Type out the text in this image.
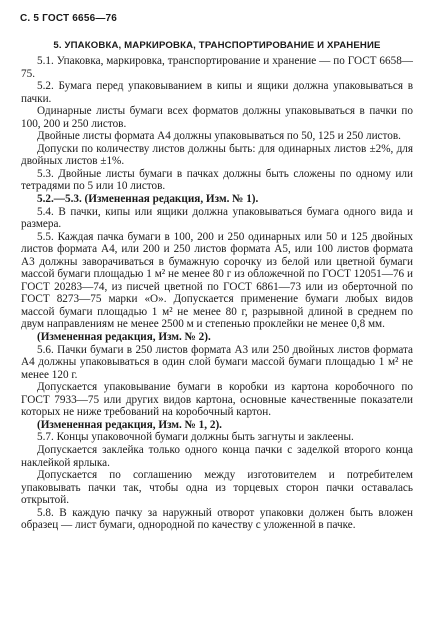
С. 5 ГОСТ 6656—76
5. УПАКОВКА, МАРКИРОВКА, ТРАНСПОРТИРОВАНИЕ И ХРАНЕНИЕ

5.1. Упаковка, маркировка, транспортирование и хранение — по ГОСТ 6658—75.

5.2. Бумага перед упаковыванием в кипы и ящики должна упаковываться в пачки.

Одинарные листы бумаги всех форматов должны упаковываться в пачки по 100, 200 и 250 листов.

Двойные листы формата А4 должны упаковываться по 50, 125 и 250 листов.

Допуски по количеству листов должны быть: для одинарных листов ±2%, для двойных листов ±1%.

5.3. Двойные листы бумаги в пачках должны быть сложены по одному или тетрадями по 5 или 10 листов.

5.2.—5.3. (Измененная редакция, Изм. № 1).

5.4. В пачки, кипы или ящики должна упаковываться бумага одного вида и размера.

5.5. Каждая пачка бумаги в 100, 200 и 250 одинарных или 50 и 125 двойных листов формата А4, или 200 и 250 листов формата А5, или 100 листов формата А3 должны заворачиваться в бумажную сорочку из белой или цветной бумаги массой бумаги площадью 1 м² не менее 80 г из обложечной по ГОСТ 12051—76 и ГОСТ 20283—74, из писчей цветной по ГОСТ 6861—73 или из оберточной по ГОСТ 8273—75 марки «О». Допускается применение бумаги любых видов массой бумаги площадью 1 м² не менее 80 г, разрывной длиной в среднем по двум направлениям не менее 2500 м и степенью проклейки не менее 0,8 мм.

(Измененная редакция, Изм. № 2).

5.6. Пачки бумаги в 250 листов формата А3 или 250 двойных листов формата А4 должны упаковываться в один слой бумаги массой бумаги площадью 1 м² не менее 120 г.

Допускается упаковывание бумаги в коробки из картона коробочного по ГОСТ 7933—75 или других видов картона, основные качественные показатели которых не ниже требований на коробочный картон.

(Измененная редакция, Изм. № 1, 2).

5.7. Концы упаковочной бумаги должны быть загнуты и заклеены.

Допускается заклейка только одного конца пачки с заделкой второго конца наклейкой ярлыка.

Допускается по соглашению между изготовителем и потребителем упаковывать пачки так, чтобы одна из торцевых сторон пачки оставалась открытой.

5.8. В каждую пачку за наружный отворот упаковки должен быть вложен образец — лист бумаги, однородной по качеству с уложенной в пачке.
